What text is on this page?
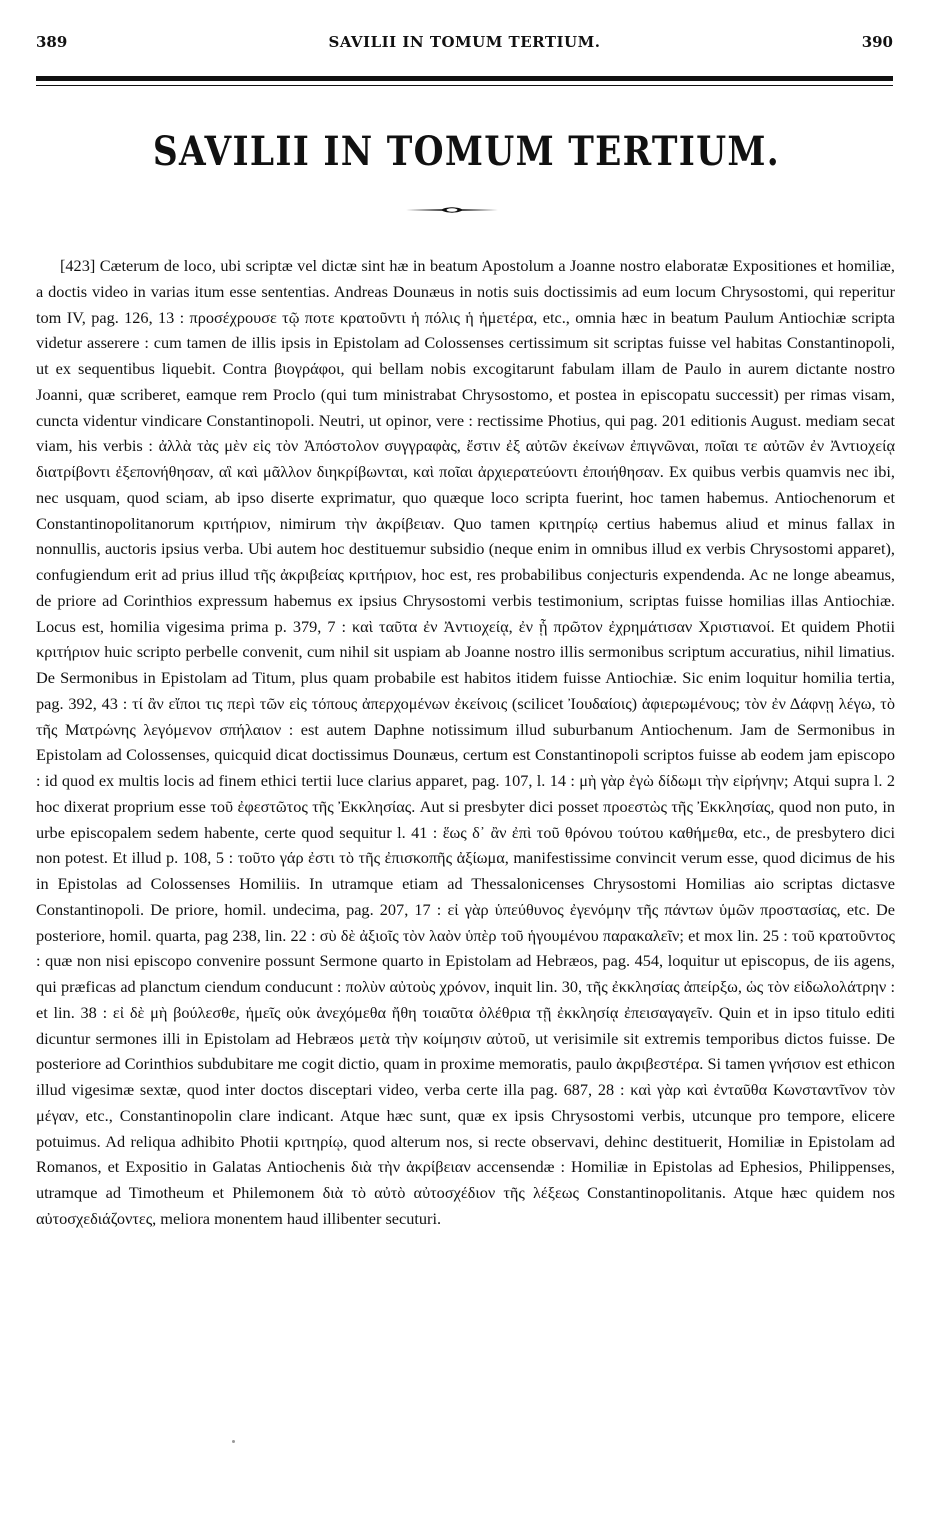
389	SAVILII IN TOMUM TERTIUM.	390
SAVILII IN TOMUM TERTIUM.

[423] Cæterum de loco, ubi scriptæ vel dictæ sint hæ in beatum Apostolum a Joanne nostro elaboratæ Expositiones et homiliæ, a doctis video in varias itum esse sententias. Andreas Dounæus in notis suis doctissimis ad eum locum Chrysostomi, qui reperitur tom IV, pag. 126, 13 : προσέχρουσε τῷ ποτε κρατοῦντι ἡ πόλις ἡ ἡμετέρα, etc., omnia hæc in beatum Paulum Antiochiæ scripta videtur asserere : cum tamen de illis ipsis in Epistolam ad Colossenses certissimum sit scriptas fuisse vel habitas Constantinopoli, ut ex sequentibus liquebit. Contra βιογράφοι, qui bellam nobis excogitarunt fabulam illam de Paulo in aurem dictante nostro Joanni, quæ scriberet, eamque rem Proclo (qui tum ministrabat Chrysostomo, et postea in episcopatu successit) per rimas visam, cuncta videntur vindicare Constantinopoli. Neutri, ut opinor, vere : rectissime Photius, qui pag. 201 editionis August. mediam secat viam, his verbis : ἀλλὰ τὰς μὲν εἰς τὸν Ἀπόστολον συγγραφὰς, ἔστιν ἐξ αὐτῶν ἐκείνων ἐπιγνῶναι, ποῖαι τε αὐτῶν ἐν Ἀντιοχείᾳ διατρίβοντι ἐξεπονήθησαν, αἳ καὶ μᾶλλον διηκρίβωνται, καὶ ποῖαι ἀρχιερατεύοντι ἐποιήθησαν. Ex quibus verbis quamvis nec ibi, nec usquam, quod sciam, ab ipso diserte exprimatur, quo quæque loco scripta fuerint, hoc tamen habemus. Antiochenorum et Constantinopolitanorum κριτήριον, nimirum τὴν ἀκρίβειαν. Quo tamen κριτηρίῳ certius habemus aliud et minus fallax in nonnullis, auctoris ipsius verba. Ubi autem hoc destituemur subsidio (neque enim in omnibus illud ex verbis Chrysostomi apparet), confugiendum erit ad prius illud τῆς ἀκριβείας κριτήριον, hoc est, res probabilibus conjecturis expendenda. Ac ne longe abeamus, de priore ad Corinthios expressum habemus ex ipsius Chrysostomi verbis testimonium, scriptas fuisse homilias illas Antiochiæ. Locus est, homilia vigesima prima p. 379, 7 : καὶ ταῦτα ἐν Ἀντιοχείᾳ, ἐν ᾗ πρῶτον ἐχρημάτισαν Χριστιανοί. Et quidem Photii κριτήριον huic scripto perbelle convenit, cum nihil sit uspiam ab Joanne nostro illis sermonibus scriptum accuratius, nihil limatius. De Sermonibus in Epistolam ad Titum, plus quam probabile est habitos itidem fuisse Antiochiæ. Sic enim loquitur homilia tertia, pag. 392, 43 : τί ἂν εἴποι τις περὶ τῶν εἰς τόπους ἀπερχομένων ἐκείνοις (scilicet Ἰουδαίοις) ἀφιερωμένους; τὸν ἐν Δάφνῃ λέγω, τὸ τῆς Ματρώνης λεγόμενον σπήλαιον : est autem Daphne notissimum illud suburbanum Antiochenum. Jam de Sermonibus in Epistolam ad Colossenses, quicquid dicat doctissimus Dounæus, certum est Constantinopoli scriptos fuisse ab eodem jam episcopo : id quod ex multis locis ad finem ethici tertii luce clarius apparet, pag. 107, l. 14 : μὴ γὰρ ἐγὼ δίδωμι τὴν εἰρήνην; Atqui supra l. 2 hoc dixerat proprium esse τοῦ ἐφεστῶτος τῆς Ἐκκλησίας. Aut si presbyter dici posset προεστὼς τῆς Ἐκκλησίας, quod non puto, in urbe episcopalem sedem habente, certe quod sequitur l. 41 : ἕως δ᾽ ἂν ἐπὶ τοῦ θρόνου τούτου καθήμεθα, etc., de presbytero dici non potest. Et illud p. 108, 5 : τοῦτο γάρ ἐστι τὸ τῆς ἐπισκοπῆς ἀξίωμα, manifestissime convincit verum esse, quod dicimus de his in Epistolas ad Colossenses Homiliis. In utramque etiam ad Thessalonicenses Chrysostomi Homilias aio scriptas dictasve Constantinopoli. De priore, homil. undecima, pag. 207, 17 : εἰ γὰρ ὑπεύθυνος ἐγενόμην τῆς πάντων ὑμῶν προστασίας, etc. De posteriore, homil. quarta, pag 238, lin. 22 : σὺ δὲ ἀξιοῖς τὸν λαὸν ὑπὲρ τοῦ ἡγουμένου παρακαλεῖν; et mox lin. 25 : τοῦ κρατοῦντος : quæ non nisi episcopo convenire possunt Sermone quarto in Epistolam ad Hebræos, pag. 454, loquitur ut episcopus, de iis agens, qui præficas ad planctum ciendum conducunt : πολὺν αὐτοὺς χρόνον, inquit lin. 30, τῆς ἐκκλησίας ἀπείρξω, ὡς τὸν εἰδωλολάτρην : et lin. 38 : εἰ δὲ μὴ βούλεσθε, ἡμεῖς οὐκ ἀνεχόμεθα ἤθη τοιαῦτα ὀλέθρια τῇ ἐκκλησίᾳ ἐπεισαγαγεῖν. Quin et in ipso titulo editi dicuntur sermones illi in Epistolam ad Hebræos μετὰ τὴν κοίμησιν αὐτοῦ, ut verisimile sit extremis temporibus dictos fuisse. De posteriore ad Corinthios subdubitare me cogit dictio, quam in proxime memoratis, paulo ἀκριβεστέρα. Si tamen γνήσιον est ethicon illud vigesimæ sextæ, quod inter doctos disceptari video, verba certe illa pag. 687, 28 : καὶ γὰρ καὶ ἐνταῦθα Κωνσταντῖνον τὸν μέγαν, etc., Constantinopolin clare indicant. Atque hæc sunt, quæ ex ipsis Chrysostomi verbis, utcunque pro tempore, elicere potuimus. Ad reliqua adhibito Photii κριτηρίῳ, quod alterum nos, si recte observavi, dehinc destituerit, Homiliæ in Epistolam ad Romanos, et Expositio in Galatas Antiochenis διὰ τὴν ἀκρίβειαν accensendæ : Homiliæ in Epistolas ad Ephesios, Philippenses, utramque ad Timotheum et Philemonem διὰ τὸ αὐτὸ αὐτοσχέδιον τῆς λέξεως Constantinopolitanis. Atque hæc quidem nos αὐτοσχεδιάζοντες, meliora monentem haud illibenter secuturi.
